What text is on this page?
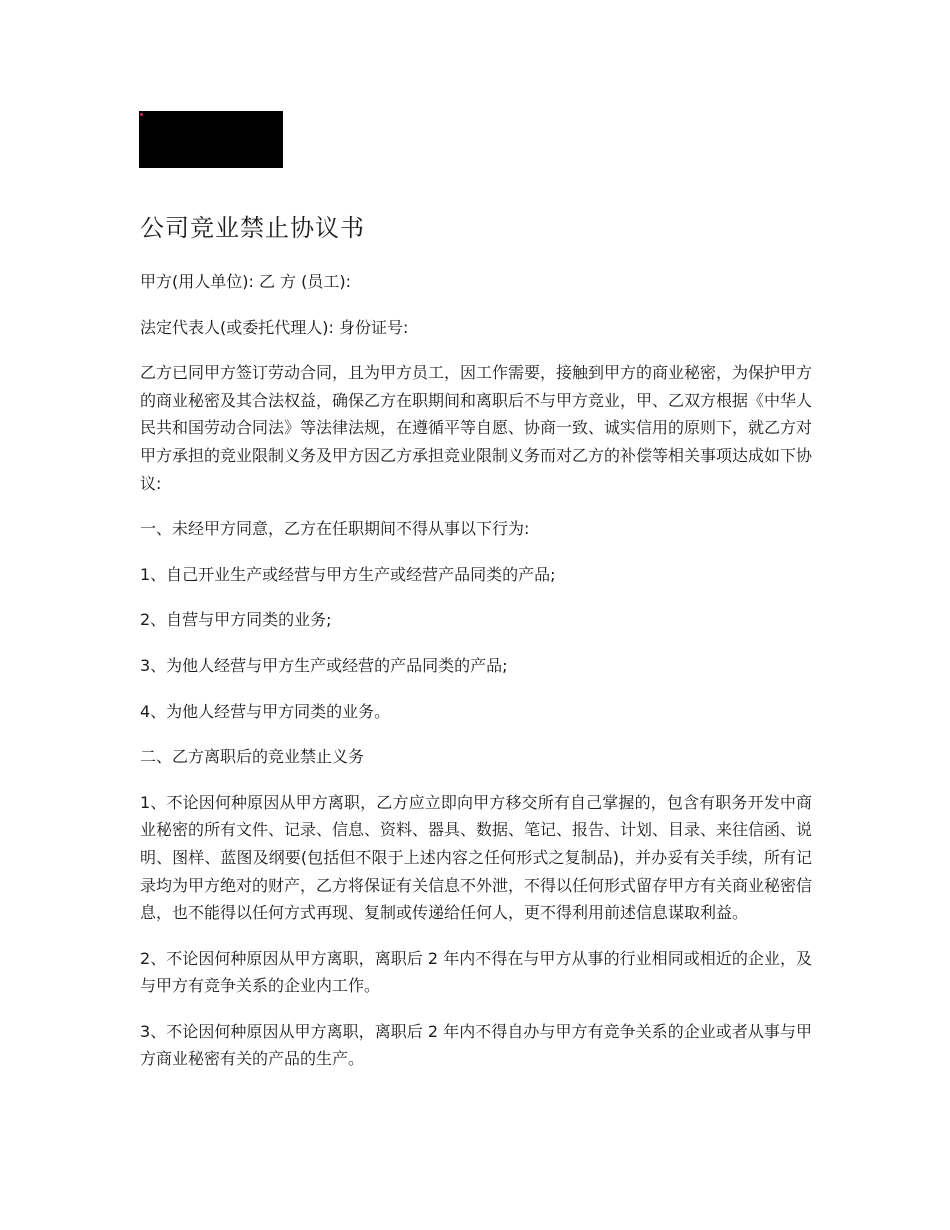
公司竞业禁止协议书

甲方(用人单位): 乙 方 (员工):

法定代表人(或委托代理人): 身份证号:

乙方已同甲方签订劳动合同，且为甲方员工，因工作需要，接触到甲方的商业秘密，为保护甲方的商业秘密及其合法权益，确保乙方在职期间和离职后不与甲方竞业，甲、乙双方根据《中华人民共和国劳动合同法》等法律法规，在遵循平等自愿、协商一致、诚实信用的原则下，就乙方对甲方承担的竞业限制义务及甲方因乙方承担竞业限制义务而对乙方的补偿等相关事项达成如下协议:

一、未经甲方同意，乙方在任职期间不得从事以下行为:

1、自己开业生产或经营与甲方生产或经营产品同类的产品;

2、自营与甲方同类的业务;

3、为他人经营与甲方生产或经营的产品同类的产品;

4、为他人经营与甲方同类的业务。

二、乙方离职后的竞业禁止义务

1、不论因何种原因从甲方离职，乙方应立即向甲方移交所有自己掌握的，包含有职务开发中商业秘密的所有文件、记录、信息、资料、器具、数据、笔记、报告、计划、目录、来往信函、说明、图样、蓝图及纲要(包括但不限于上述内容之任何形式之复制品)，并办妥有关手续，所有记录均为甲方绝对的财产，乙方将保证有关信息不外泄，不得以任何形式留存甲方有关商业秘密信息，也不能得以任何方式再现、复制或传递给任何人，更不得利用前述信息谋取利益。

2、不论因何种原因从甲方离职，离职后 2 年内不得在与甲方从事的行业相同或相近的企业，及与甲方有竞争关系的企业内工作。

3、不论因何种原因从甲方离职，离职后 2 年内不得自办与甲方有竞争关系的企业或者从事与甲方商业秘密有关的产品的生产。
